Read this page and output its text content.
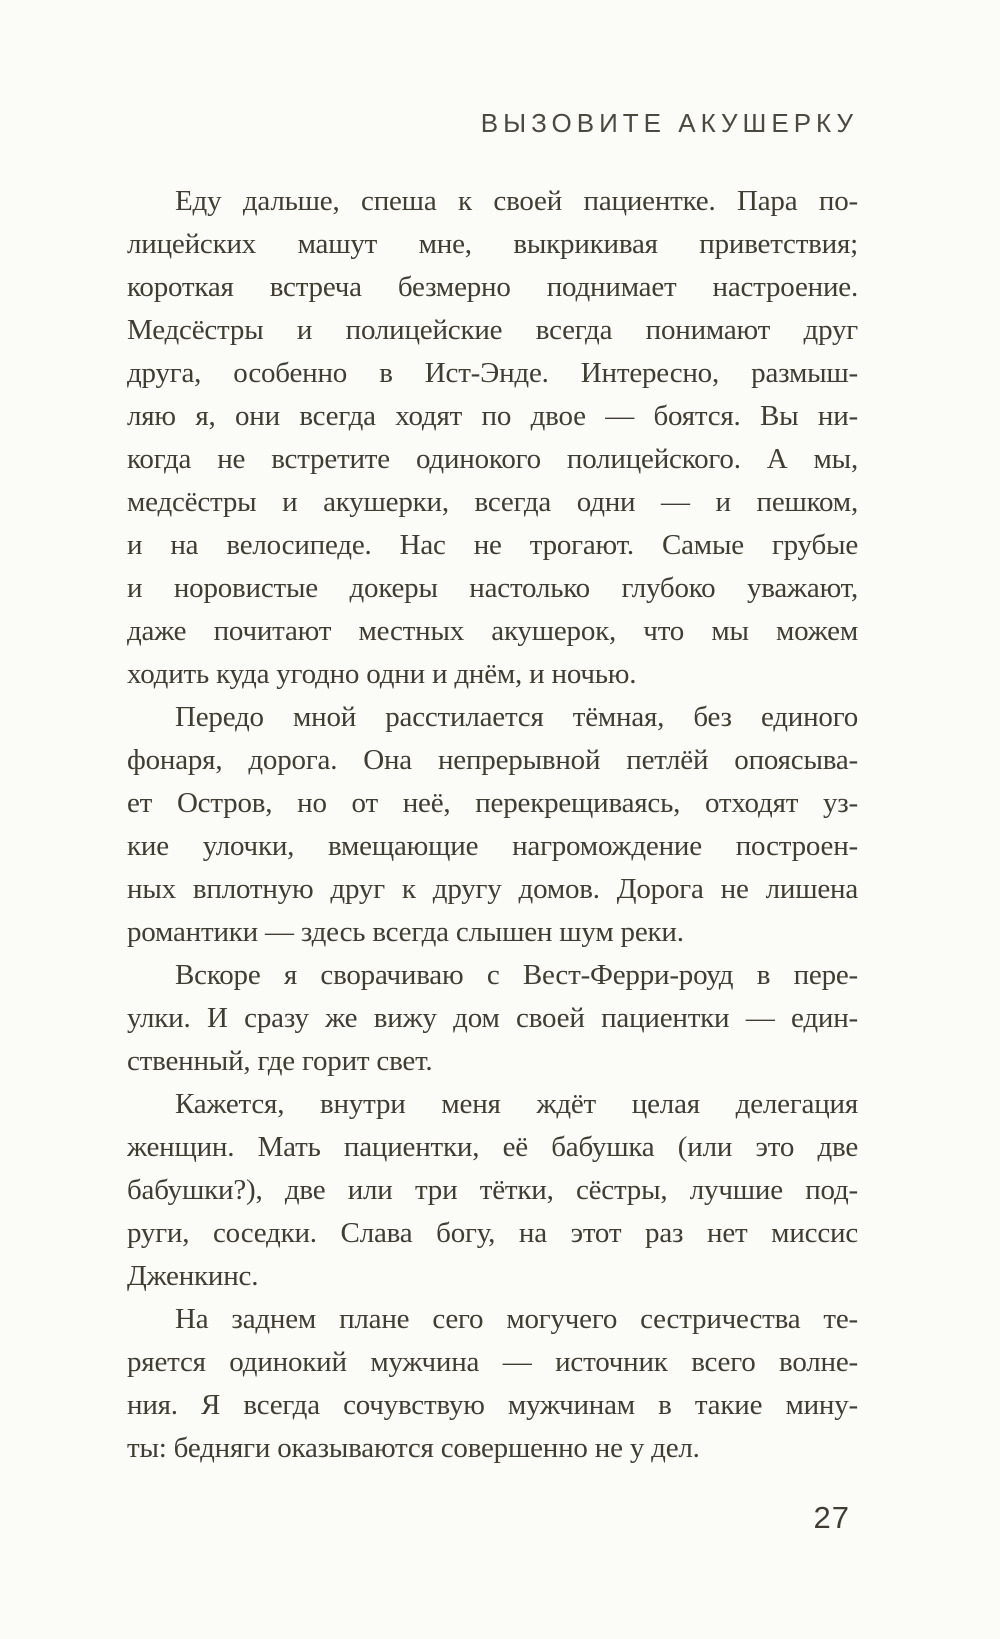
ВЫЗОВИТЕ АКУШЕРКУ
Еду дальше, спеша к своей пациентке. Пара по-
лицейских машут мне, выкрикивая приветствия;
короткая встреча безмерно поднимает настроение.
Медсёстры и полицейские всегда понимают друг
друга, особенно в Ист-Энде. Интересно, размыш-
ляю я, они всегда ходят по двое — боятся. Вы ни-
когда не встретите одинокого полицейского. А мы,
медсёстры и акушерки, всегда одни — и пешком,
и на велосипеде. Нас не трогают. Самые грубые
и норовистые докеры настолько глубоко уважают,
даже почитают местных акушерок, что мы можем
ходить куда угодно одни и днём, и ночью.
Передо мной расстилается тёмная, без единого
фонаря, дорога. Она непрерывной петлёй опоясыва-
ет Остров, но от неё, перекрещиваясь, отходят уз-
кие улочки, вмещающие нагромождение построен-
ных вплотную друг к другу домов. Дорога не лишена
романтики — здесь всегда слышен шум реки.
Вскоре я сворачиваю с Вест-Ферри-роуд в пере-
улки. И сразу же вижу дом своей пациентки — един-
ственный, где горит свет.
Кажется, внутри меня ждёт целая делегация
женщин. Мать пациентки, её бабушка (или это две
бабушки?), две или три тётки, сёстры, лучшие под-
руги, соседки. Слава богу, на этот раз нет миссис
Дженкинс.
На заднем плане сего могучего сестричества те-
ряется одинокий мужчина — источник всего волне-
ния. Я всегда сочувствую мужчинам в такие мину-
ты: бедняги оказываются совершенно не у дел.
27
